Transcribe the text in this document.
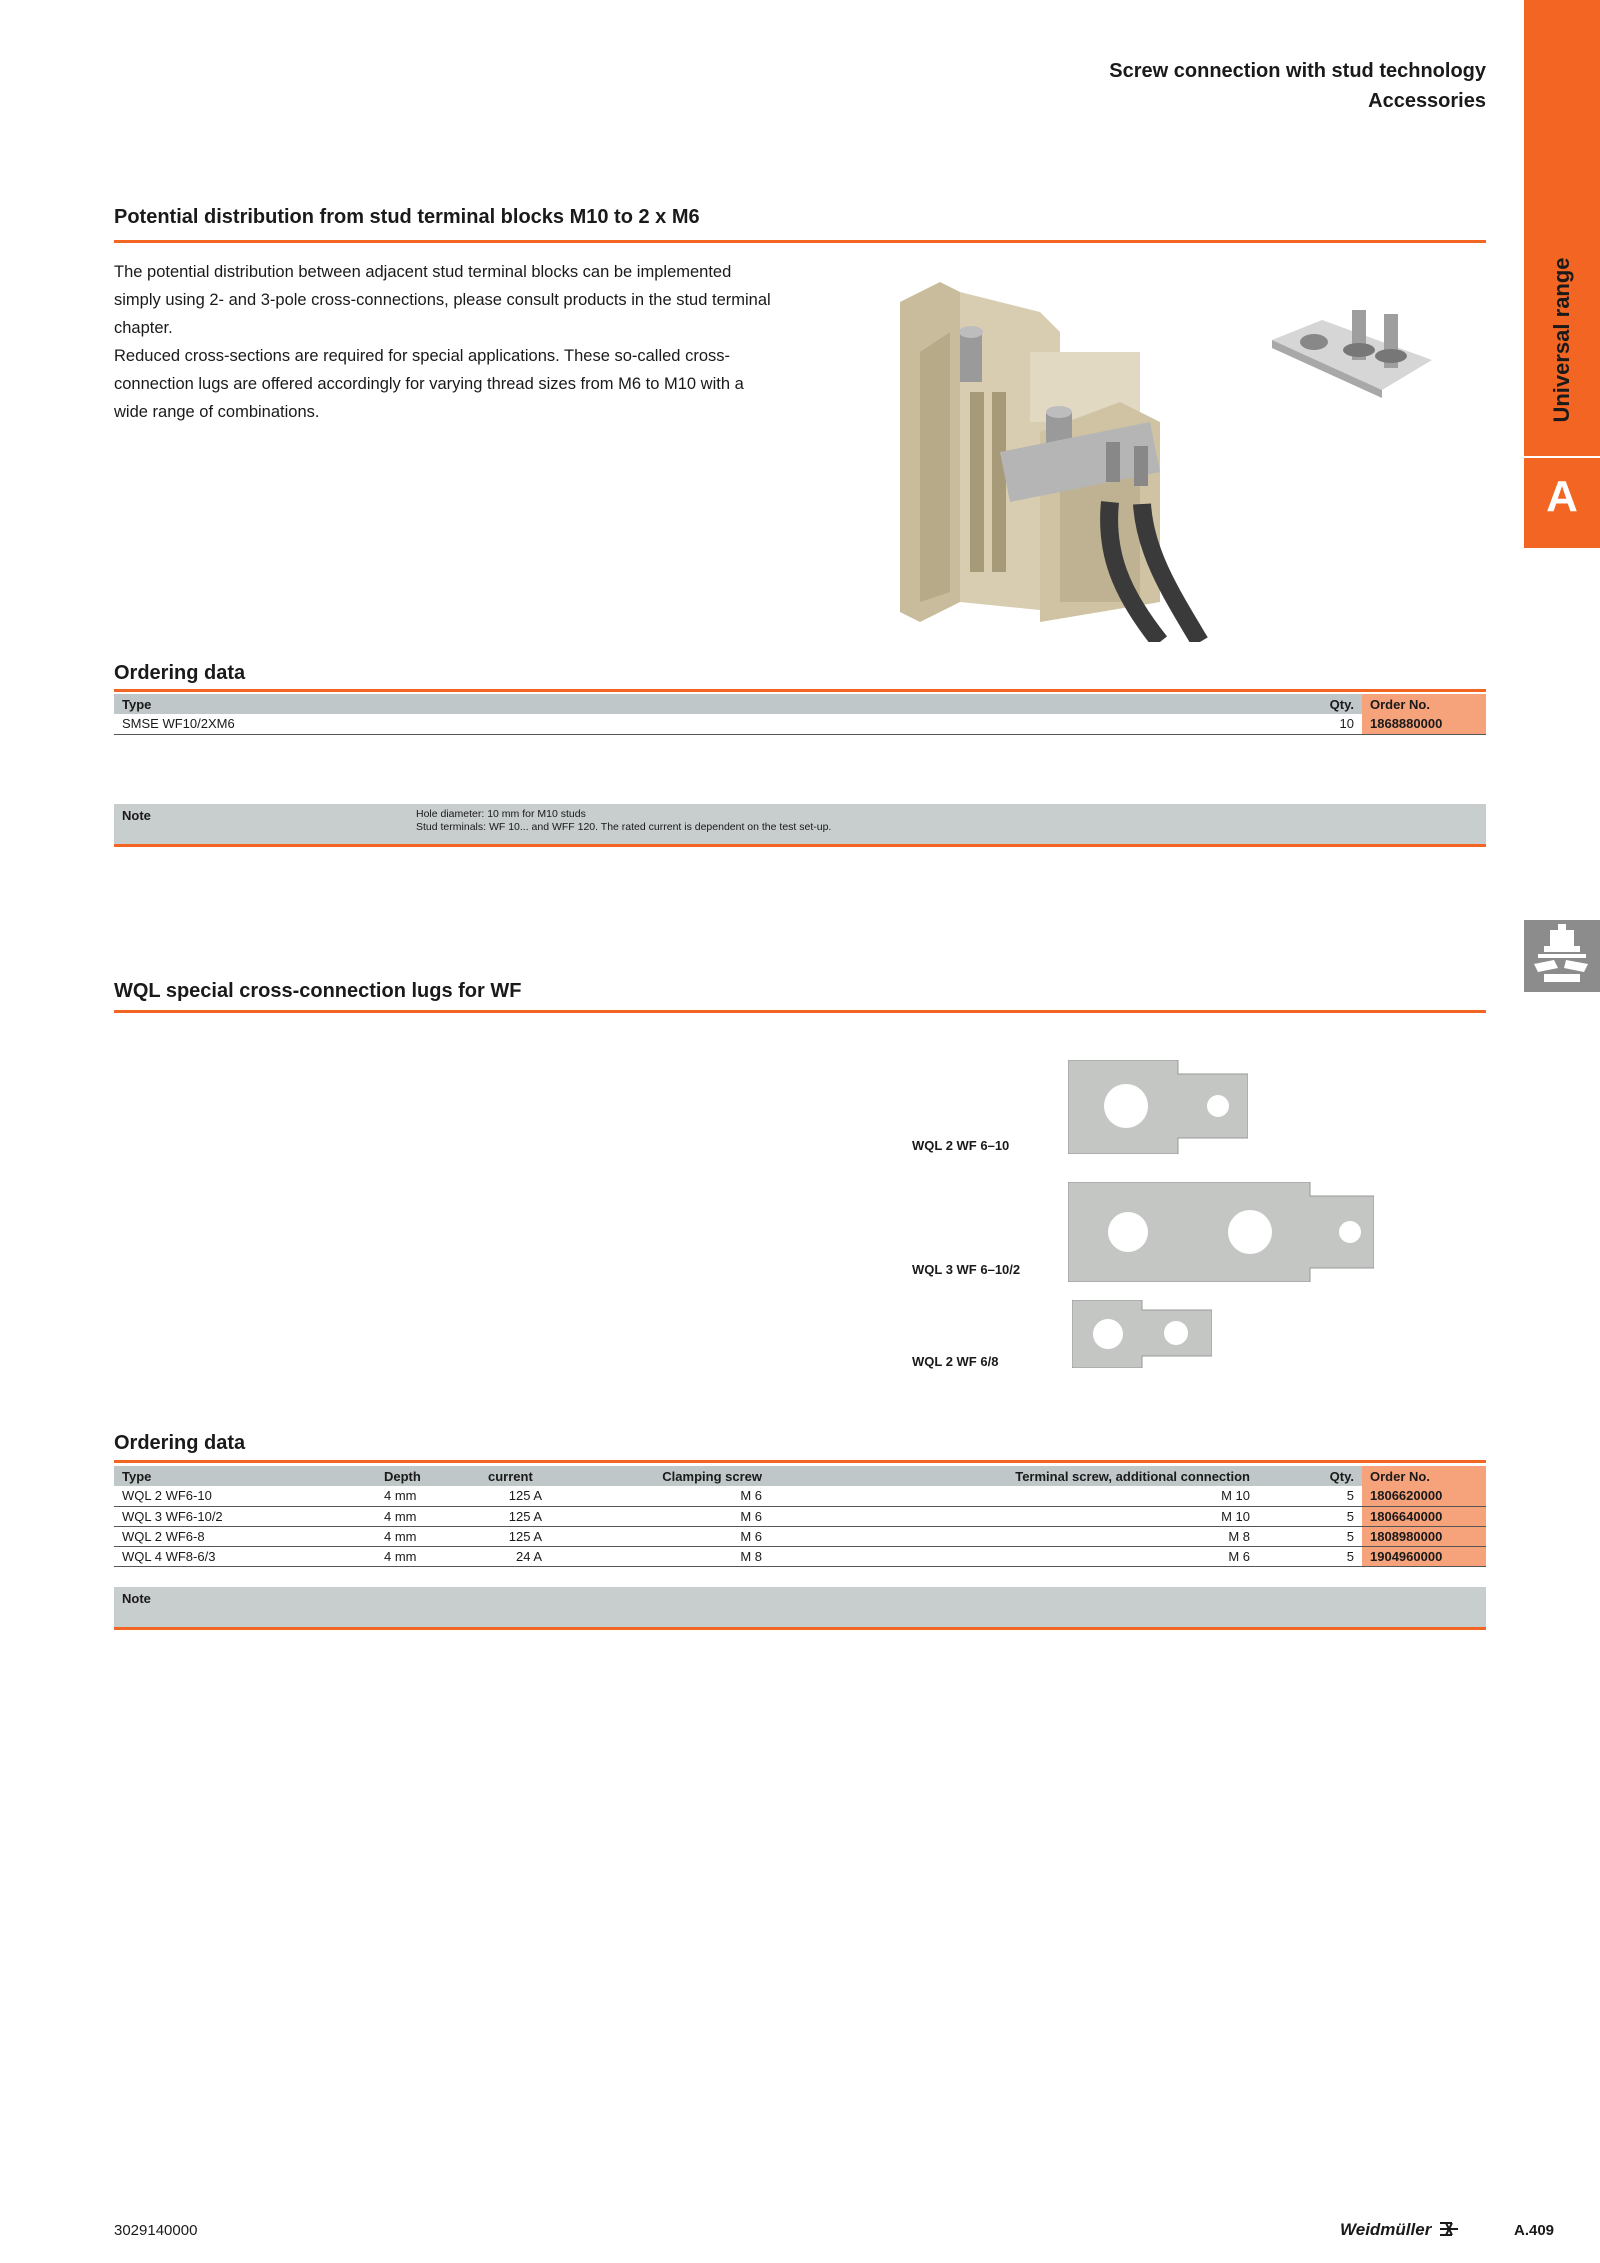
Universal range
A
Screw connection with stud technology
Accessories
Potential distribution from stud terminal blocks M10 to 2 x M6

The potential distribution between adjacent stud terminal blocks can be implemented simply using 2- and 3-pole cross-connections, please consult products in the stud terminal chapter.

Reduced cross-sections are required for special applications. These so-called cross-connection lugs are offered accordingly for varying thread sizes from M6 to M10 with a wide range of combinations.

Ordering data
Type	Qty.	Order No.
SMSE WF10/2XM6	10	1868880000
Note	Hole diameter: 10 mm for M10 studs
Stud terminals: WF 10... and WFF 120. The rated current is dependent on the test set-up.
WQL special cross-connection lugs for WF
WQL 2 WF 6–10
WQL 3 WF 6–10/2
WQL 2 WF 6/8
Ordering data
Type	Depth	current	Clamping screw	Terminal screw, additional connection	Qty.	Order No.
WQL 2 WF6-10	4 mm	125 A	M 6	M 10	5	1806620000
WQL 3 WF6-10/2	4 mm	125 A	M 6	M 10	5	1806640000
WQL 2 WF6-8	4 mm	125 A	M 6	M 8	5	1808980000
WQL 4 WF8-6/3	4 mm	24 A	M 8	M 6	5	1904960000
Note
3029140000	Weidmüller	A.409
